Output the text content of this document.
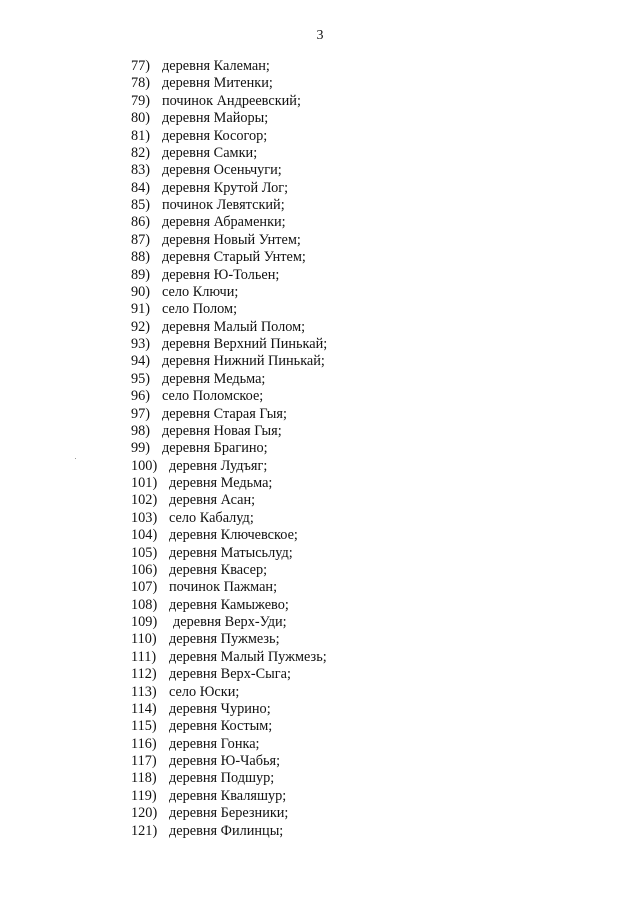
3
77) деревня Калеман;
78) деревня Митенки;
79) починок Андреевский;
80) деревня Майоры;
81) деревня Косогор;
82) деревня Самки;
83) деревня Осеньчуги;
84) деревня Крутой Лог;
85) починок Левятский;
86) деревня Абраменки;
87) деревня Новый Унтем;
88) деревня Старый Унтем;
89) деревня Ю-Тольен;
90) село Ключи;
91) село Полом;
92) деревня Малый Полом;
93) деревня Верхний Пинькай;
94) деревня Нижний Пинькай;
95) деревня Медьма;
96) село Поломское;
97) деревня Старая Гыя;
98) деревня Новая Гыя;
99) деревня Брагино;
100) деревня Лудъяг;
101) деревня Медьма;
102) деревня Асан;
103) село Кабалуд;
104) деревня Ключевское;
105) деревня Матысьлуд;
106) деревня Квасер;
107) починок Пажман;
108) деревня Камыжево;
109)	деревня Верх-Уди;
110) деревня Пужмезь;
111) деревня Малый Пужмезь;
112) деревня Верх-Сыга;
113) село Юски;
114) деревня Чурино;
115) деревня Костым;
116) деревня Гонка;
117) деревня Ю-Чабья;
118) деревня Подшур;
119) деревня Кваляшур;
120) деревня Березники;
121) деревня Филинцы;
